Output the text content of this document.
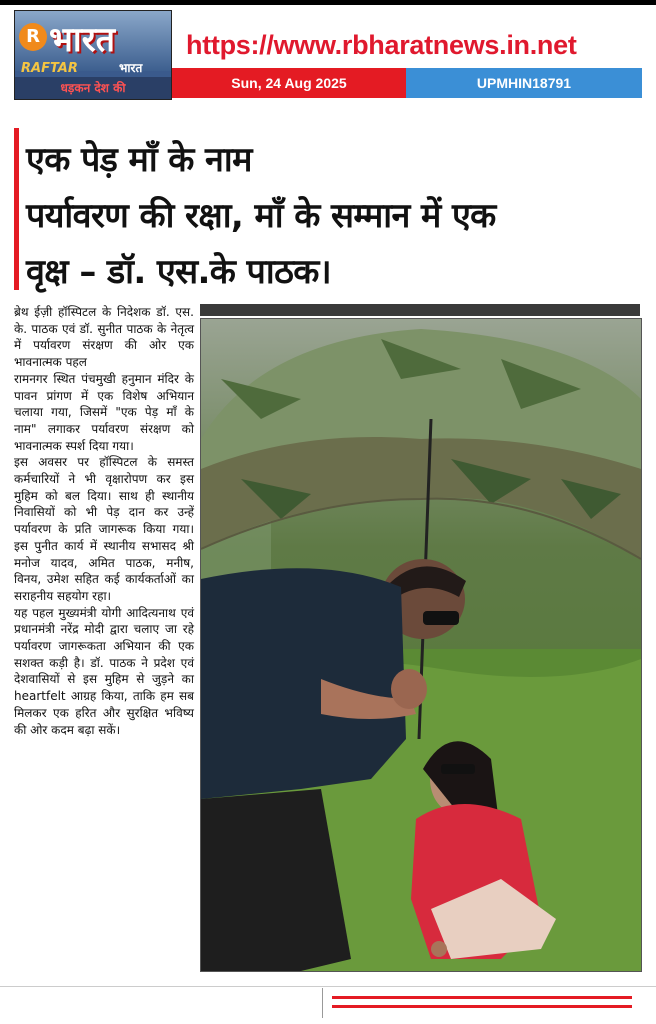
R भारत
RAFTAR	भारत
धड़कन देश की
https://www.rbharatnews.in.net
Sun, 24 Aug 2025	UPMHIN18791
एक पेड़ माँ के नाम
पर्यावरण की रक्षा, माँ के सम्मान में एक
वृक्ष – डॉ. एस.के पाठक।

ब्रेथ ईज़ी हॉस्पिटल के निदेशक डॉ. एस. के. पाठक एवं डॉ. सुनीत पाठक के नेतृत्व में पर्यावरण संरक्षण की ओर एक भावनात्मक पहल

रामनगर स्थित पंचमुखी हनुमान मंदिर के पावन प्रांगण में एक विशेष अभियान चलाया गया, जिसमें "एक पेड़ माँ के नाम" लगाकर पर्यावरण संरक्षण को भावनात्मक स्पर्श दिया गया।

इस अवसर पर हॉस्पिटल के समस्त कर्मचारियों ने भी वृक्षारोपण कर इस मुहिम को बल दिया। साथ ही स्थानीय निवासियों को भी पेड़ दान कर उन्हें पर्यावरण के प्रति जागरूक किया गया। इस पुनीत कार्य में स्थानीय सभासद श्री मनोज यादव, अमित पाठक, मनीष, विनय, उमेश सहित कई कार्यकर्ताओं का सराहनीय सहयोग रहा।

यह पहल मुख्यमंत्री योगी आदित्यनाथ एवं प्रधानमंत्री नरेंद्र मोदी द्वारा चलाए जा रहे पर्यावरण जागरूकता अभियान की एक सशक्त कड़ी है। डॉ. पाठक ने प्रदेश एवं देशवासियों से इस मुहिम से जुड़ने का heartfelt आग्रह किया, ताकि हम सब मिलकर एक हरित और सुरक्षित भविष्य की ओर कदम बढ़ा सकें।
